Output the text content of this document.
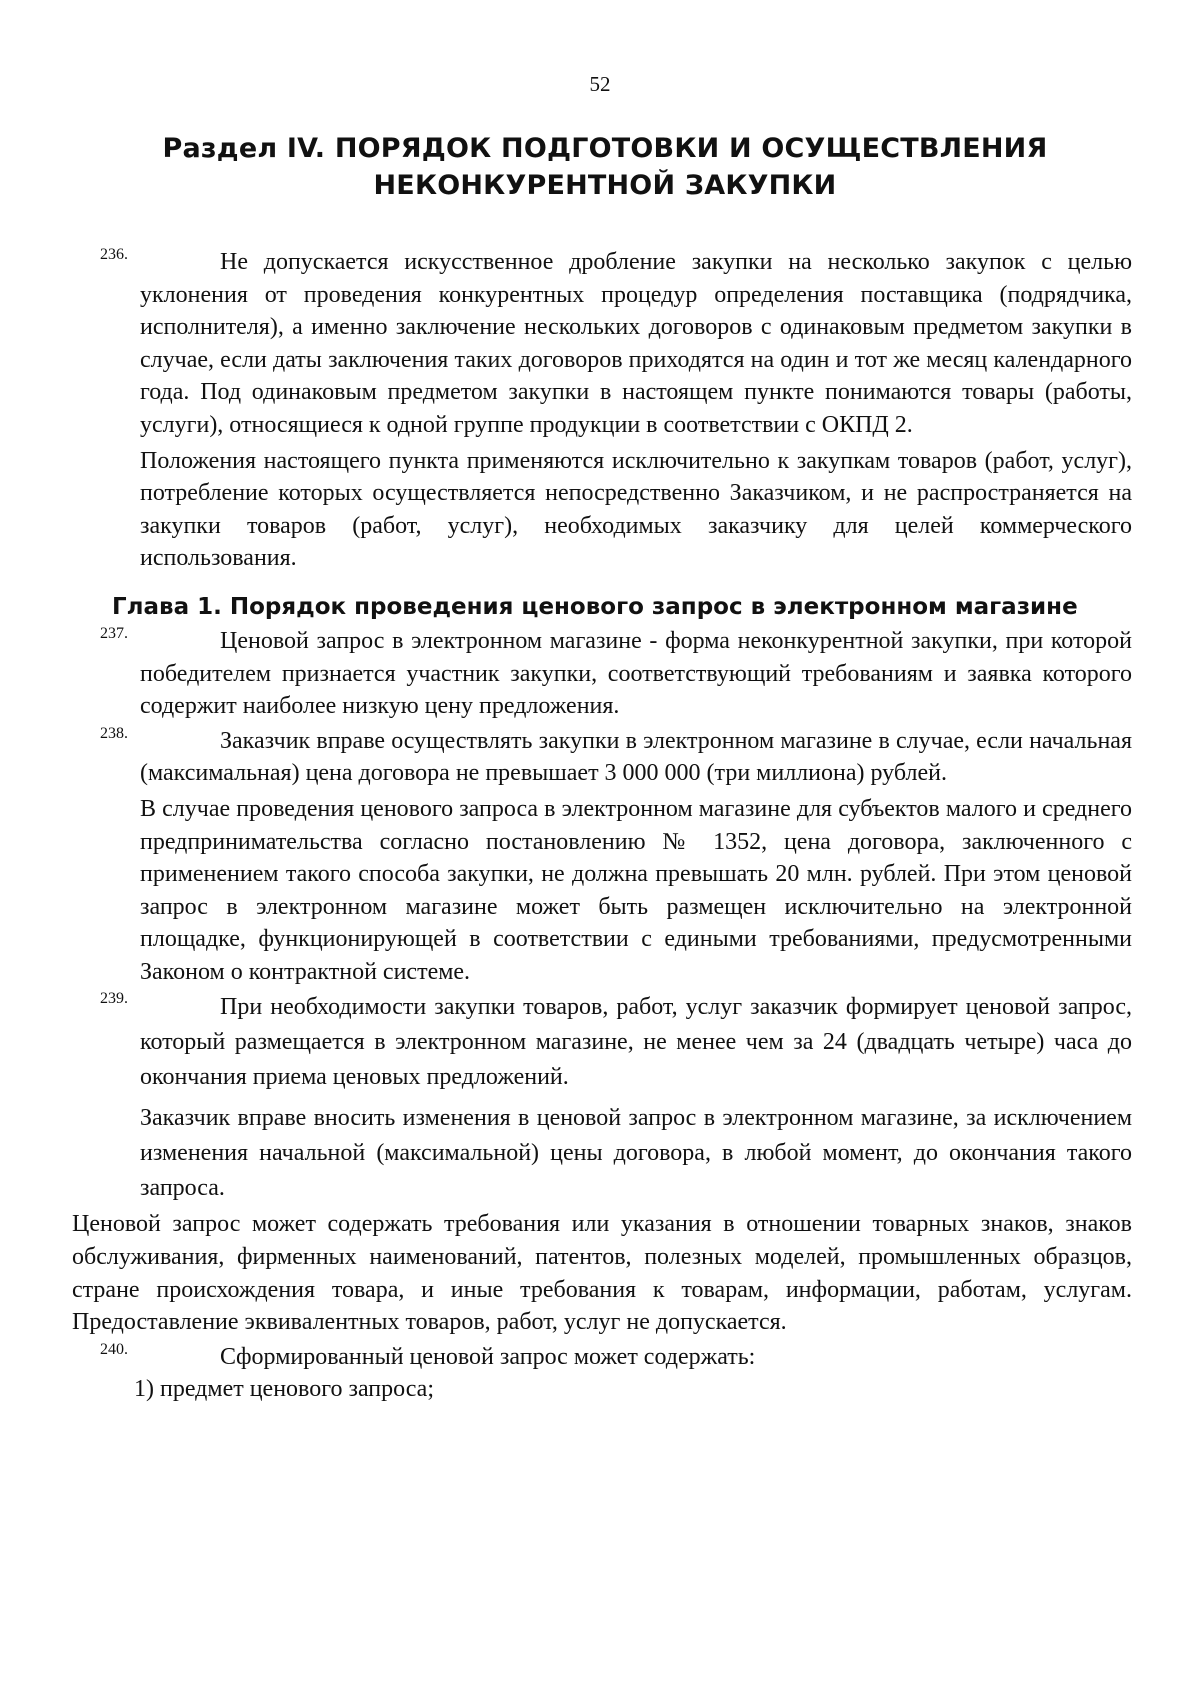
52
Раздел IV. ПОРЯДОК ПОДГОТОВКИ И ОСУЩЕСТВЛЕНИЯ НЕКОНКУРЕНТНОЙ ЗАКУПКИ
236.	Не допускается искусственное дробление закупки на несколько закупок с целью уклонения от проведения конкурентных процедур определения поставщика (подрядчика, исполнителя), а именно заключение нескольких договоров с одинаковым предметом закупки в случае, если даты заключения таких договоров приходятся на один и тот же месяц календарного года. Под одинаковым предметом закупки в настоящем пункте понимаются товары (работы, услуги), относящиеся к одной группе продукции в соответствии с ОКПД 2.

Положения настоящего пункта применяются исключительно к закупкам товаров (работ, услуг), потребление которых осуществляется непосредственно Заказчиком, и не распространяется на закупки товаров (работ, услуг), необходимых заказчику для целей коммерческого использования.

Глава 1. Порядок проведения ценового запрос в электронном магазине
237.	Ценовой запрос в электронном магазине - форма неконкурентной закупки, при которой победителем признается участник закупки, соответствующий требованиям и заявка которого содержит наиболее низкую цену предложения.

238.	Заказчик вправе осуществлять закупки в электронном магазине в случае, если начальная (максимальная) цена договора не превышает 3 000 000 (три миллиона) рублей.

В случае проведения ценового запроса в электронном магазине для субъектов малого и среднего предпринимательства согласно постановлению № 1352, цена договора, заключенного с применением такого способа закупки, не должна превышать 20 млн. рублей. При этом ценовой запрос в электронном магазине может быть размещен исключительно на электронной площадке, функционирующей в соответствии с едиными требованиями, предусмотренными Законом о контрактной системе.

239.	При необходимости закупки товаров, работ, услуг заказчик формирует ценовой запрос, который размещается в электронном магазине, не менее чем за 24 (двадцать четыре) часа до окончания приема ценовых предложений.

Заказчик вправе вносить изменения в ценовой запрос в электронном магазине, за исключением изменения начальной (максимальной) цены договора, в любой момент, до окончания такого запроса.

Ценовой запрос может содержать требования или указания в отношении товарных знаков, знаков обслуживания, фирменных наименований, патентов, полезных моделей, промышленных образцов, стране происхождения товара, и иные требования к товарам, информации, работам, услугам. Предоставление эквивалентных товаров, работ, услуг не допускается.

240.	Сформированный ценовой запрос может содержать:

1) предмет ценового запроса;
